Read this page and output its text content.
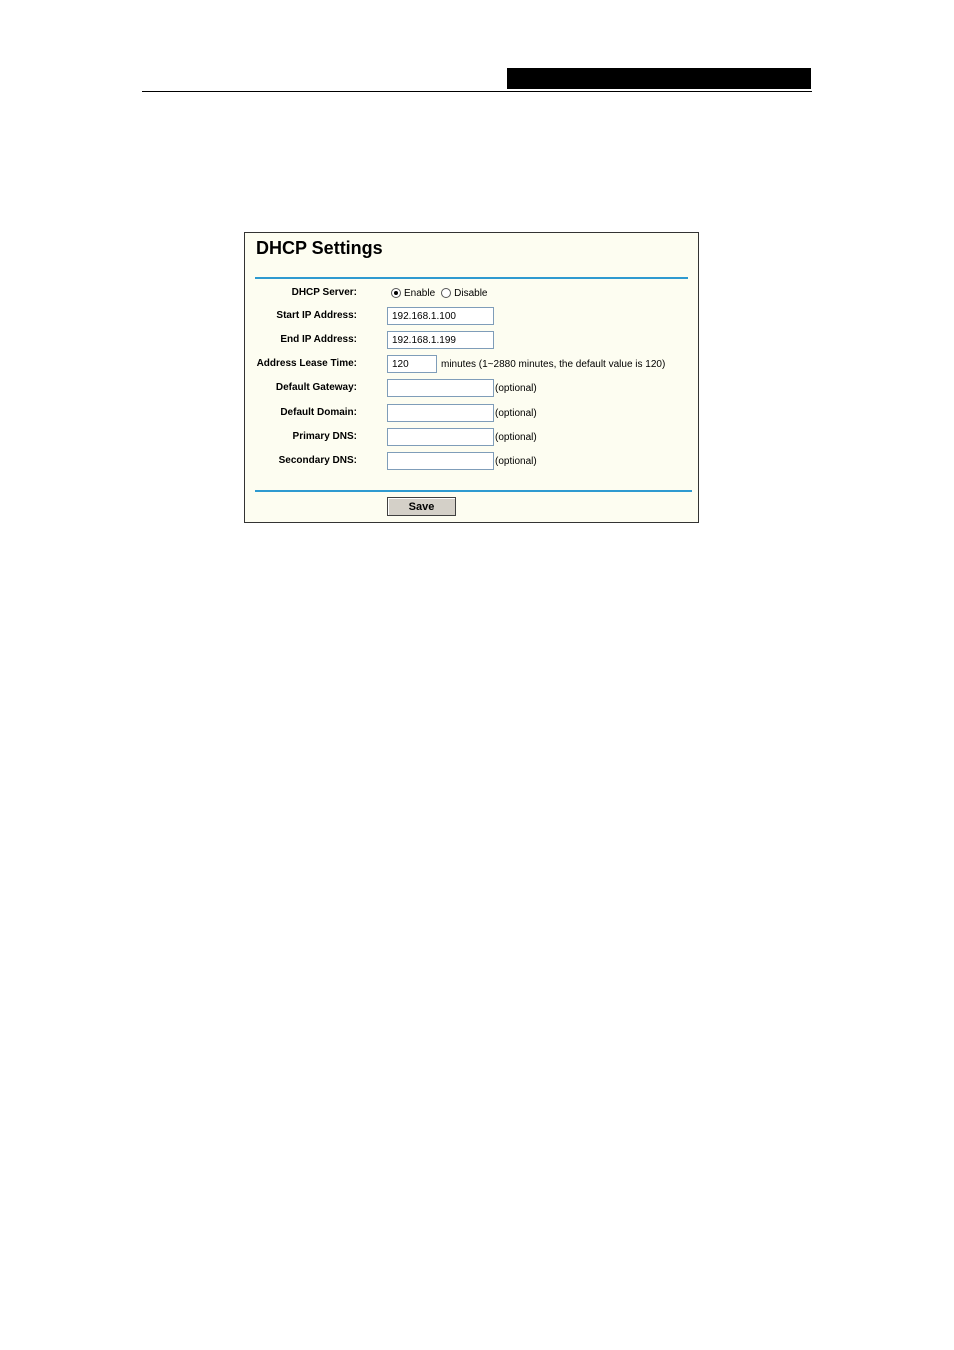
DHCP Settings
DHCP Server:	Enable Disable
Start IP Address:
192.168.1.100
End IP Address:
192.168.1.199
Address Lease Time:
120	minutes (1~2880 minutes, the default value is 120)
Default Gateway:	(optional)
Default Domain:	(optional)
Primary DNS:	(optional)
Secondary DNS:	(optional)
Save
